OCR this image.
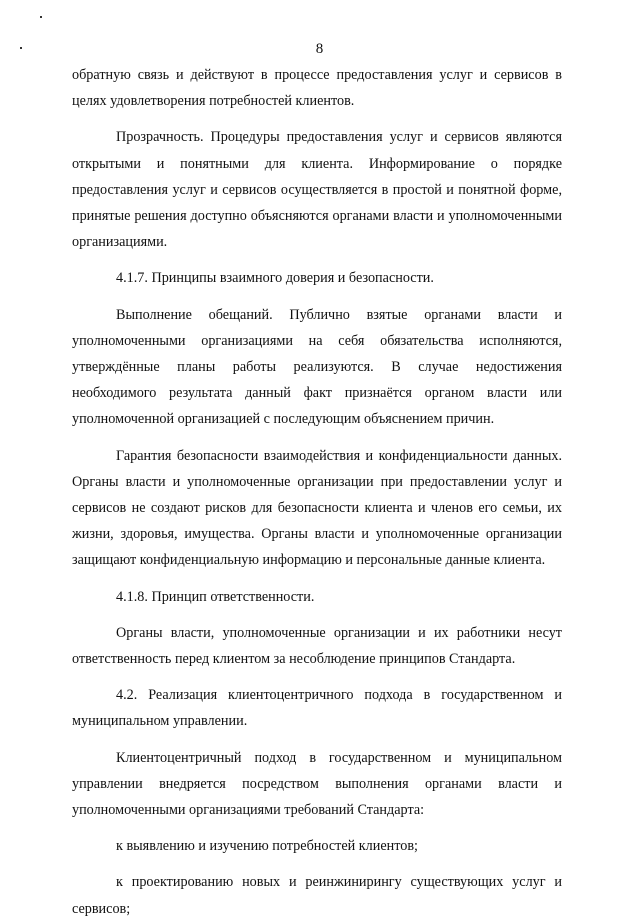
8

обратную связь и действуют в процессе предоставления услуг и сервисов в целях удовлетворения потребностей клиентов.

Прозрачность. Процедуры предоставления услуг и сервисов являются открытыми и понятными для клиента. Информирование о порядке предоставления услуг и сервисов осуществляется в простой и понятной форме, принятые решения доступно объясняются органами власти и уполномоченными организациями.

4.1.7. Принципы взаимного доверия и безопасности.

Выполнение обещаний. Публично взятые органами власти и уполномоченными организациями на себя обязательства исполняются, утверждённые планы работы реализуются. В случае недостижения необходимого результата данный факт признаётся органом власти или уполномоченной организацией с последующим объяснением причин.

Гарантия безопасности взаимодействия и конфиденциальности данных. Органы власти и уполномоченные организации при предоставлении услуг и сервисов не создают рисков для безопасности клиента и членов его семьи, их жизни, здоровья, имущества. Органы власти и уполномоченные организации защищают конфиденциальную информацию и персональные данные клиента.

4.1.8. Принцип ответственности.

Органы власти, уполномоченные организации и их работники несут ответственность перед клиентом за несоблюдение принципов Стандарта.

4.2. Реализация клиентоцентричного подхода в государственном и муниципальном управлении.

Клиентоцентричный подход в государственном и муниципальном управлении внедряется посредством выполнения органами власти и уполномоченными организациями требований Стандарта:

к выявлению и изучению потребностей клиентов;

к проектированию новых и реинжинирингу существующих услуг и сервисов;
